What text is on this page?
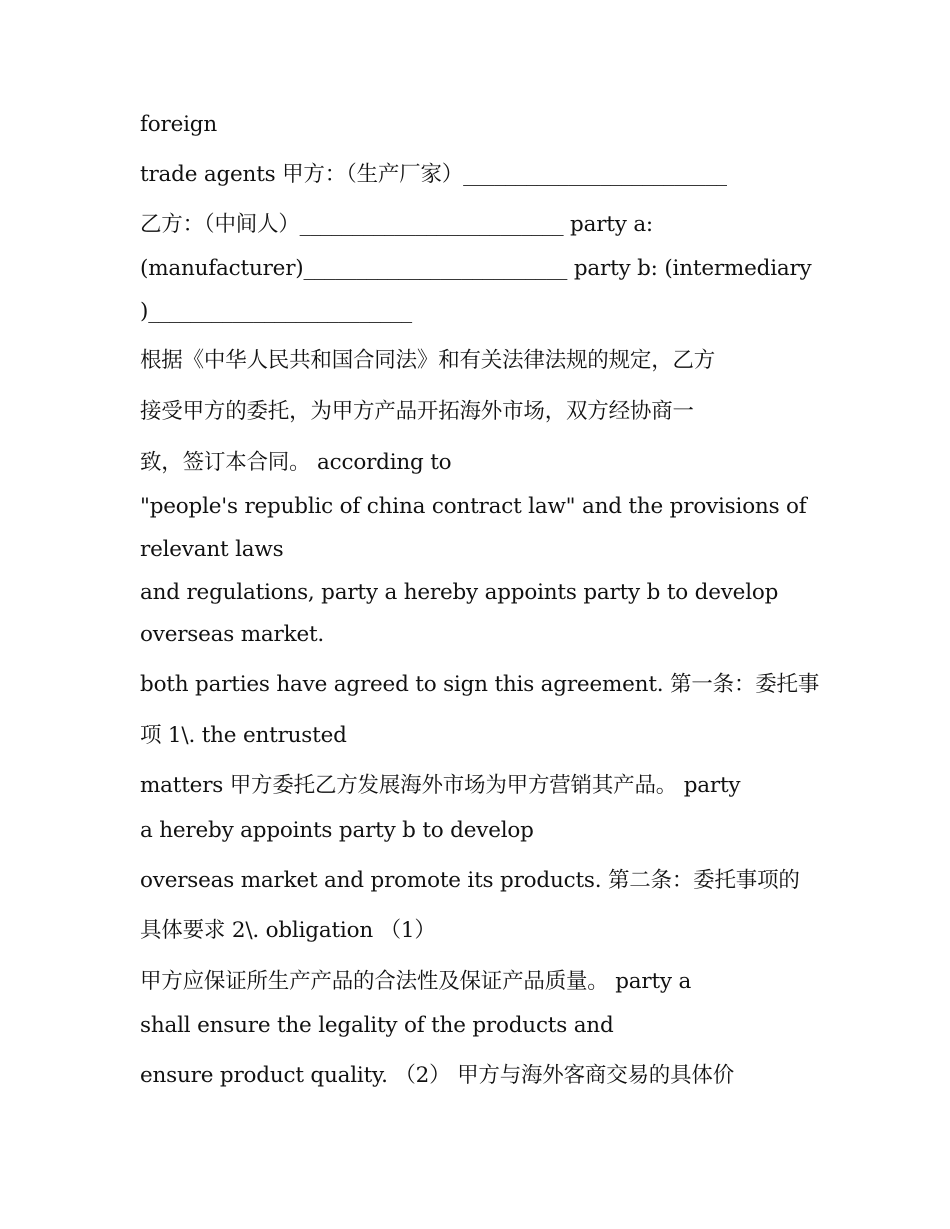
foreign
trade agents 甲方：（生产厂家）_________________________
乙方：（中间人）_________________________ party a:
(manufacturer)_________________________ party b: (intermediary
)_________________________
根据《中华人民共和国合同法》和有关法律法规的规定，乙方
接受甲方的委托，为甲方产品开拓海外市场，双方经协商一
致，签订本合同。 according to
"people's republic of china contract law" and the provisions of
relevant laws
and regulations, party a hereby appoints party b to develop
overseas market.
both parties have agreed to sign this agreement. 第一条：委托事
项 1\. the entrusted
matters 甲方委托乙方发展海外市场为甲方营销其产品。 party
a hereby appoints party b to develop
overseas market and promote its products. 第二条：委托事项的
具体要求 2\. obligation （1）
甲方应保证所生产产品的合法性及保证产品质量。 party a
shall ensure the legality of the products and
ensure product quality. （2） 甲方与海外客商交易的具体价
